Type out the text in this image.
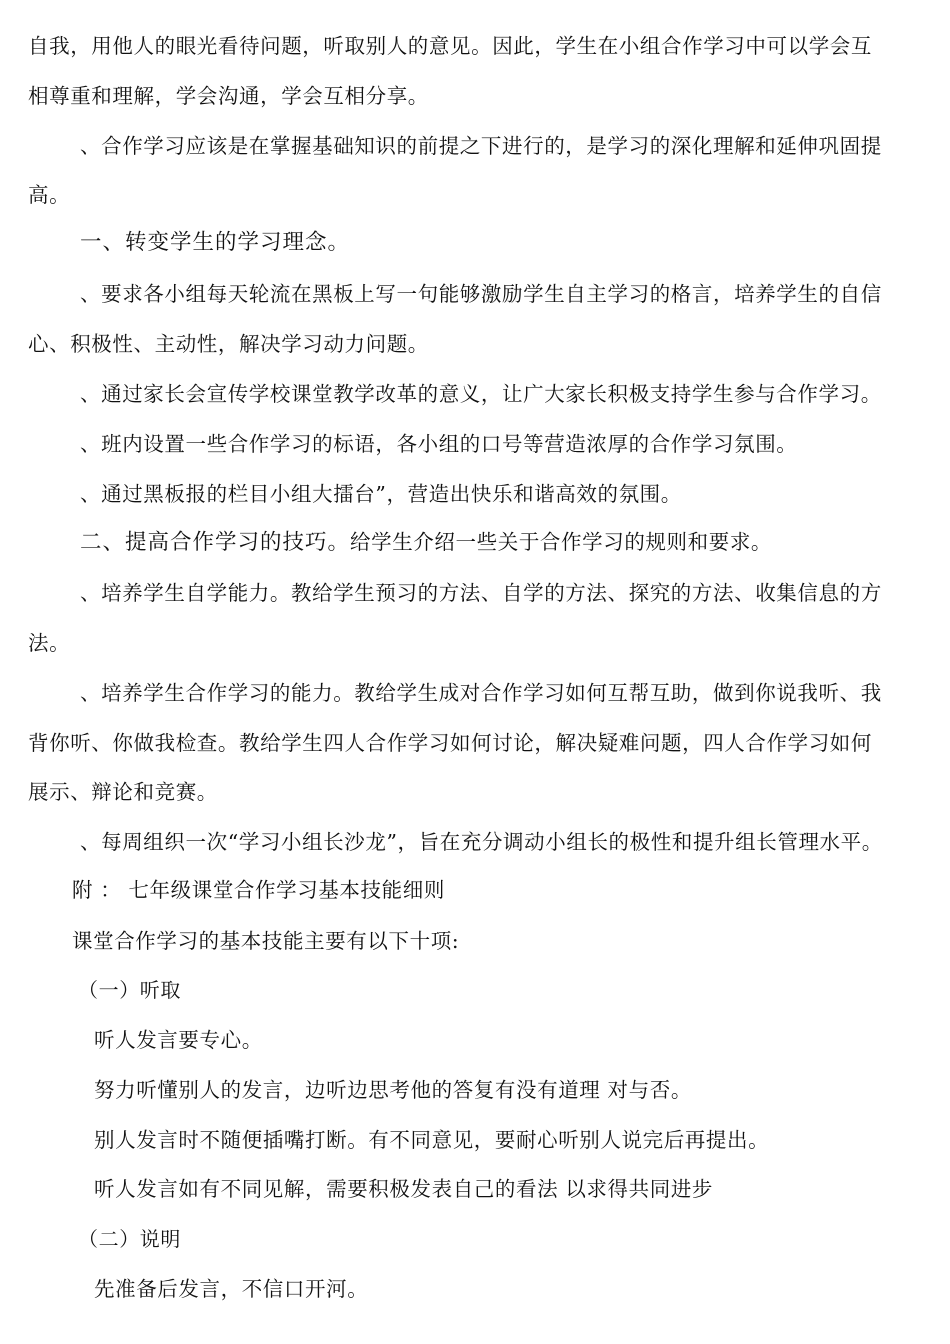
自我，用他人的眼光看待问题，听取别人的意见。因此，学生在小组合作学习中可以学会互
相尊重和理解，学会沟通，学会互相分享。
、合作学习应该是在掌握基础知识的前提之下进行的，是学习的深化理解和延伸巩固提
高。
一、转变学生的学习理念。
、要求各小组每天轮流在黑板上写一句能够激励学生自主学习的格言，培养学生的自信
心、积极性、主动性，解决学习动力问题。
、通过家长会宣传学校课堂教学改革的意义，让广大家长积极支持学生参与合作学习。
、班内设置一些合作学习的标语，各小组的口号等营造浓厚的合作学习氛围。
、通过黑板报的栏目小组大擂台”，营造出快乐和谐高效的氛围。
二、提高合作学习的技巧。给学生介绍一些关于合作学习的规则和要求。
、培养学生自学能力。教给学生预习的方法、自学的方法、探究的方法、收集信息的方
法。
、培养学生合作学习的能力。教给学生成对合作学习如何互帮互助，做到你说我听、我
背你听、你做我检查。教给学生四人合作学习如何讨论，解决疑难问题，四人合作学习如何
展示、辩论和竞赛。
、每周组织一次“学习小组长沙龙”，旨在充分调动小组长的极性和提升组长管理水平。
附 ： 七年级课堂合作学习基本技能细则
课堂合作学习的基本技能主要有以下十项:
（一）听取
听人发言要专心。
努力听懂别人的发言，边听边思考他的答复有没有道理 对与否。
别人发言时不随便插嘴打断。有不同意见，要耐心听别人说完后再提出。
听人发言如有不同见解，需要积极发表自己的看法 以求得共同进步
（二）说明
先准备后发言，不信口开河。
